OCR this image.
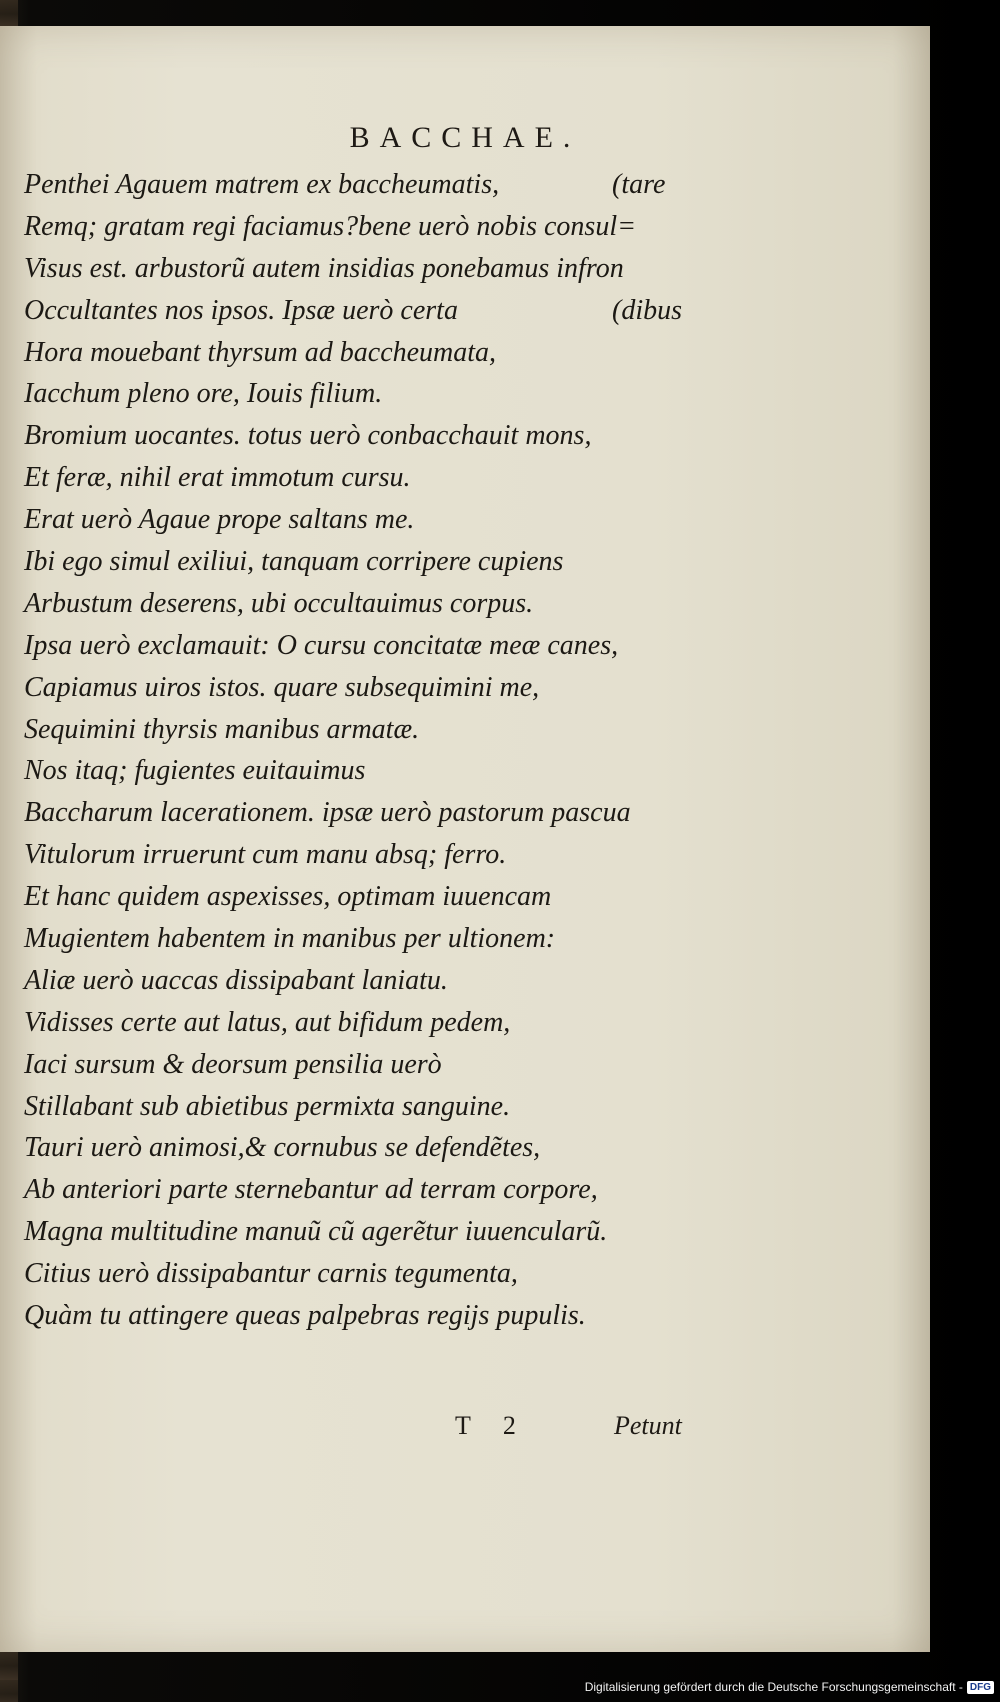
BACCHAE.
Penthei Agauem matrem ex baccheumatis,	(tare
Remq; gratam regi faciamus?bene uerò nobis consul=
Visus est. arbustorũ autem insidias ponebamus infron
Occultantes nos ipsos. Ipsæ uerò certa	(dibus
Hora mouebant thyrsum ad baccheumata,
Iacchum pleno ore, Iouis filium.
Bromium uocantes. totus uerò conbacchauit mons,
Et feræ, nihil erat immotum cursu.
Erat uerò Agaue prope saltans me.
Ibi ego simul exiliui, tanquam corripere cupiens
Arbustum deserens, ubi occultauimus corpus.
Ipsa uerò exclamauit: O cursu concitatæ meæ canes,
Capiamus uiros istos. quare subsequimini me,
Sequimini thyrsis manibus armatæ.
Nos itaq; fugientes euitauimus
Baccharum lacerationem. ipsæ uerò pastorum pascua
Vitulorum irruerunt cum manu absq; ferro.
Et hanc quidem aspexisses, optimam iuuencam
Mugientem habentem in manibus per ultionem:
Aliæ uerò uaccas dissipabant laniatu.
Vidisses certe aut latus, aut bifidum pedem,
Iaci sursum & deorsum pensilia uerò
Stillabant sub abietibus permixta sanguine.
Tauri uerò animosi,& cornubus se defendẽtes,
Ab anteriori parte sternebantur ad terram corpore,
Magna multitudine manuũ cũ agerẽtur iuuencularũ.
Citius uerò dissipabantur carnis tegumenta,
Quàm tu attingere queas palpebras regijs pupulis.
T 2	Petunt
Digitalisierung gefördert durch die Deutsche Forschungsgemeinschaft - DFG
